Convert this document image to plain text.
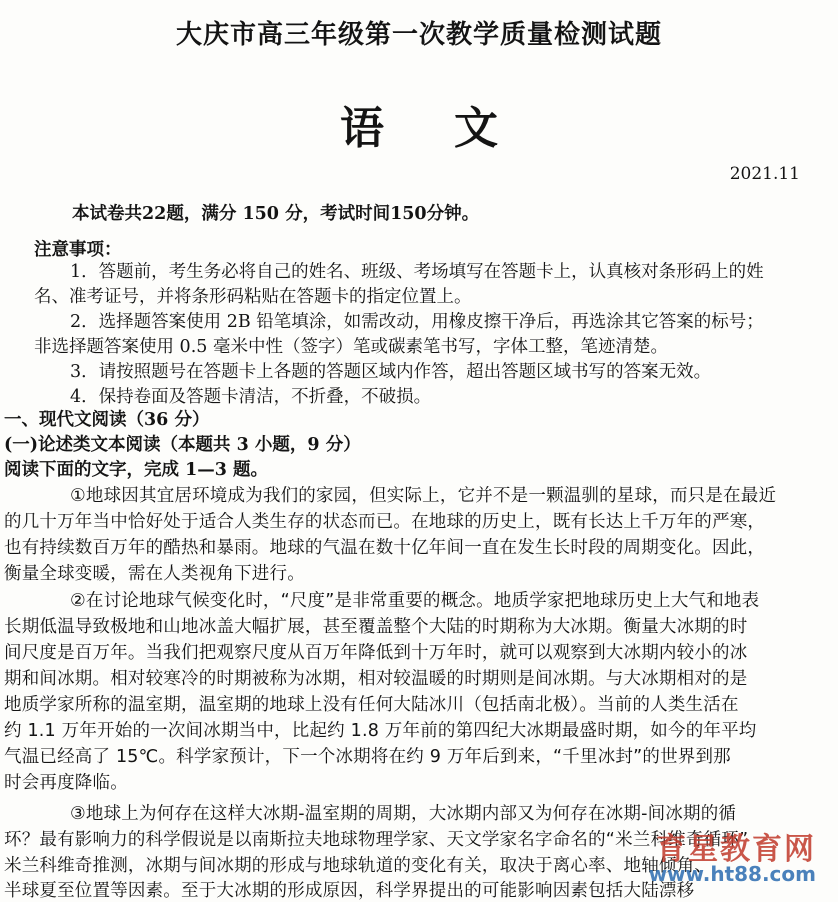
大庆市高三年级第一次教学质量检测试题
语文
2021.11
本试卷共22题，满分 150 分，考试时间150分钟。
注意事项：
1．答题前，考生务必将自己的姓名、班级、考场填写在答题卡上，认真核对条形码上的姓
名、准考证号，并将条形码粘贴在答题卡的指定位置上。
2．选择题答案使用 2B 铅笔填涂，如需改动，用橡皮擦干净后，再选涂其它答案的标号；
非选择题答案使用 0.5 毫米中性（签字）笔或碳素笔书写，字体工整，笔迹清楚。
3．请按照题号在答题卡上各题的答题区域内作答，超出答题区域书写的答案无效。
4．保持卷面及答题卡清洁，不折叠，不破损。
一、现代文阅读（36 分）
(一)论述类文本阅读（本题共 3 小题，9 分）
阅读下面的文字，完成 1—3 题。
①地球因其宜居环境成为我们的家园，但实际上，它并不是一颗温驯的星球，而只是在最近
的几十万年当中恰好处于适合人类生存的状态而已。在地球的历史上，既有长达上千万年的严寒，
也有持续数百万年的酷热和暴雨。地球的气温在数十亿年间一直在发生长时段的周期变化。因此，
衡量全球变暖，需在人类视角下进行。
②在讨论地球气候变化时，“尺度”是非常重要的概念。地质学家把地球历史上大气和地表
长期低温导致极地和山地冰盖大幅扩展，甚至覆盖整个大陆的时期称为大冰期。衡量大冰期的时
间尺度是百万年。当我们把观察尺度从百万年降低到十万年时，就可以观察到大冰期内较小的冰
期和间冰期。相对较寒冷的时期被称为冰期，相对较温暖的时期则是间冰期。与大冰期相对的是
地质学家所称的温室期，温室期的地球上没有任何大陆冰川（包括南北极）。当前的人类生活在
约 1.1 万年开始的一次间冰期当中，比起约 1.8 万年前的第四纪大冰期最盛时期，如今的年平均
气温已经高了 15℃。科学家预计，下一个冰期将在约 9 万年后到来，“千里冰封”的世界到那
时会再度降临。
③地球上为何存在这样大冰期-温室期的周期，大冰期内部又为何存在冰期-间冰期的循
环？最有影响力的科学假说是以南斯拉夫地球物理学家、天文学家名字命名的“米兰科维奇循环”
米兰科维奇推测，冰期与间冰期的形成与地球轨道的变化有关，取决于离心率、地轴倾角、
半球夏至位置等因素。至于大冰期的形成原因，科学界提出的可能影响因素包括大陆漂移
育星教育网
www.ht88.com
